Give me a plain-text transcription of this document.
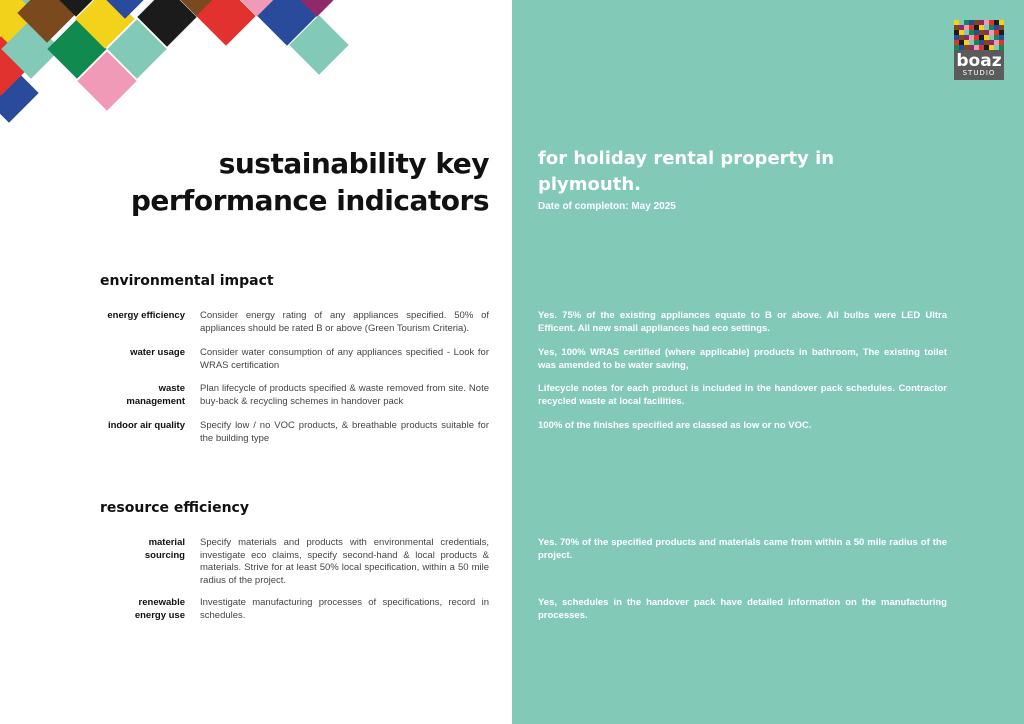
boaz
STUDIO
sustainability key
performance indicators
for holiday rental property in
plymouth.
Date of completon: May 2025
environmental impact
energy efficiency Consider energy rating of any appliances specified. 50% of appliances should be rated B or above (Green Tourism Criteria).
Yes. 75% of the existing appliances equate to B or above. All bulbs were LED Ultra Efficent. All new small appliances had eco settings.
water usage Consider water consumption of any appliances specified - Look for WRAS certification
Yes, 100% WRAS certified (where applicable) products in bathroom, The existing toilet was amended to be water saving,
waste
management
Plan lifecycle of products specified & waste removed from site. Note buy-back & recycling schemes in handover pack
Lifecycle notes for each product is included in the handover pack schedules. Contractor recycled waste at local facilities.
indoor air quality Specify low / no VOC products, & breathable products suitable for the building type
100% of the finishes specified are classed as low or no VOC.
resource efficiency
material
sourcing
Specify materials and products with environmental credentials, investigate eco claims, specify second-hand & local products & materials. Strive for at least 50% local specification, within a 50 mile radius of the project.
Yes. 70% of the specified products and materials came from within a 50 mile radius of the project.
renewable
energy use
Investigate manufacturing processes of specifications, record in schedules.
Yes, schedules in the handover pack have detailed information on the manufacturing processes.
